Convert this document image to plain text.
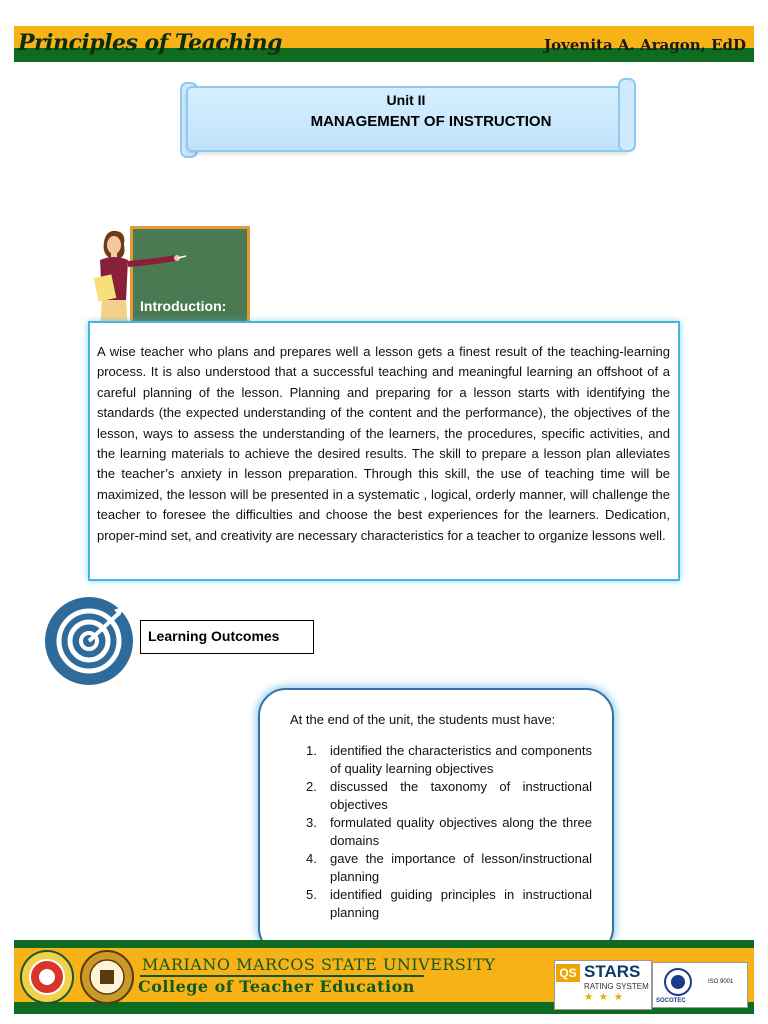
Principles of Teaching	Jovenita A. Aragon, EdD
Unit II
MANAGEMENT OF INSTRUCTION
Introduction:
A wise teacher who plans and prepares well a lesson gets a finest result of the teaching-learning process. It is also understood that a successful teaching and meaningful learning an offshoot of a careful planning of the lesson. Planning and preparing for a lesson starts with identifying the standards (the expected understanding of the content and the performance), the objectives of the lesson, ways to assess the understanding of the learners, the procedures, specific activities, and the learning materials to achieve the desired results. The skill to prepare a lesson plan alleviates the teacher’s anxiety in lesson preparation. Through this skill, the use of teaching time will be maximized, the lesson will be presented in a systematic , logical, orderly manner, will challenge the teacher to foresee the difficulties and choose the best experiences for the learners. Dedication, proper-mind set, and creativity are necessary characteristics for a teacher to organize lessons well.
Learning Outcomes
At the end of the unit, the students must have:
1. identified the characteristics and components of quality learning objectives
2. discussed the taxonomy of instructional objectives
3. formulated quality objectives along the three domains
4. gave the importance of lesson/instructional planning
5. identified guiding principles in instructional planning
MARIANO MARCOS STATE UNIVERSITY
College of Teacher Education
QS STARS
RATING SYSTEM
★★★	SOCOTEC
ISO 9001
